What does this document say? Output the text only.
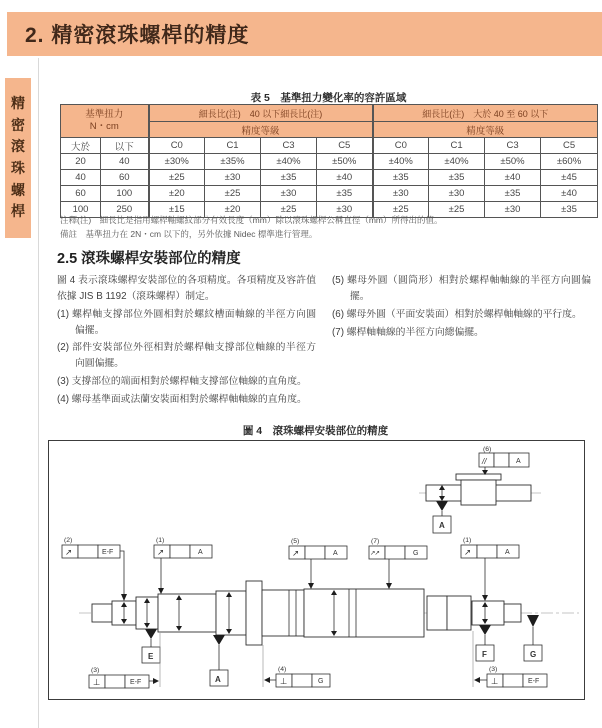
2. 精密滾珠螺桿的精度
精密滾珠螺桿
表 5　基準扭力變化率的容許區域
基準扭力
N・cm		細長比(注)　40 以下細長比(注)				細長比(注)　大於 40 至 60 以下			
		精度等級				精度等級			
大於	以下	C0	C1	C3	C5	C0	C1	C3	C5
20	40	±30%	±35%	±40%	±50%	±40%	±40%	±50%	±60%
40	60	±25	±30	±35	±40	±35	±35	±40	±45
60	100	±20	±25	±30	±35	±30	±30	±35	±40
100	250	±15	±20	±25	±30	±25	±25	±30	±35
注釋(注)　細長比是指用螺桿軸螺紋部分有效長度（mm）除以滾珠螺桿公稱直徑（mm）所得出的值。
備註　基準扭力在 2N・cm 以下的，另外依據 Nidec 標準進行管理。
2.5 滾珠螺桿安裝部位的精度

圖 4 表示滾珠螺桿安裝部位的各項精度。各項精度及容許值依據 JIS B 1192（滾珠螺桿）制定。

(1) 螺桿軸支撐部位外圓相對於螺紋槽面軸線的半徑方向圓偏擺。

(2) 部件安裝部位外徑相對於螺桿軸支撐部位軸線的半徑方向圓偏擺。

(3) 支撐部位的端面相對於螺桿軸支撐部位軸線的直角度。

(4) 螺母基準面或法蘭安裝面相對於螺桿軸軸線的直角度。

(5) 螺母外圓（圓筒形）相對於螺桿軸軸線的半徑方向圓偏擺。

(6) 螺母外圓（平面安裝面）相對於螺桿軸軸線的平行度。

(7) 螺桿軸軸線的半徑方向總偏擺。

圖 4　滾珠螺桿安裝部位的精度
(6)
//	A
A
(2)
↗	E-F
(1)
↗	A
(5)
↗	A
(7)
↗↗	G
(1)
↗	A
E
A
F	G
(3)
⊥	E-F
(4)
⊥	G
(3)
⊥	E-F
